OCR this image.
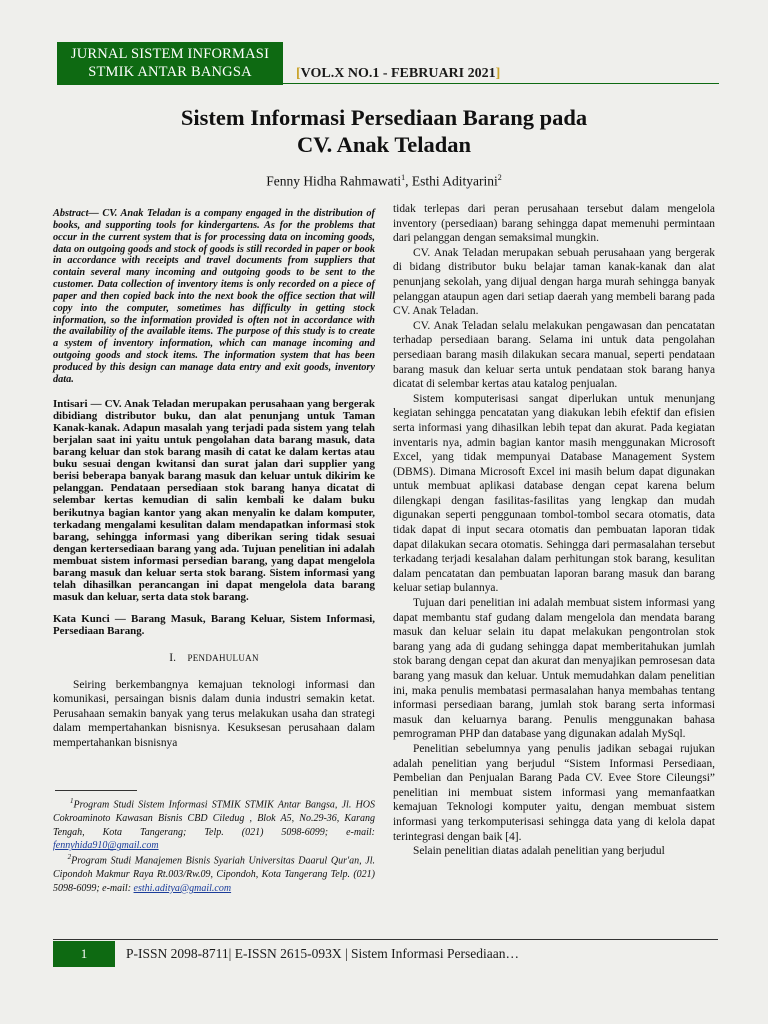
JURNAL SISTEM INFORMASI
STMIK ANTAR BANGSA	[VOL.X NO.1 - FEBRUARI 2021]
Sistem Informasi Persediaan Barang pada
CV. Anak Teladan
Fenny Hidha Rahmawati$^1$, Esthi Adityarini$^2$

Abstract— CV. Anak Teladan is a company engaged in the distribution of books, and supporting tools for kindergartens. As for the problems that occur in the current system that is for processing data on incoming goods, data on outgoing goods and stock of goods is still recorded in paper or book in accordance with receipts and travel documents from suppliers that contain several many incoming and outgoing goods to be sent to the customer. Data collection of inventory items is only recorded on a piece of paper and then copied back into the next book the office section that will copy into the computer, sometimes has difficulty in getting stock information, so the information provided is often not in accordance with the availability of the available items. The purpose of this study is to create a system of inventory information, which can manage incoming and outgoing goods and stock items. The information system that has been produced by this design can manage data entry and exit goods, inventory data.

Intisari — CV. Anak Teladan merupakan perusahaan yang bergerak dibidiang distributor buku, dan alat penunjang untuk Taman Kanak-kanak. Adapun masalah yang terjadi pada sistem yang telah berjalan saat ini yaitu untuk pengolahan data barang masuk, data barang keluar dan stok barang masih di catat ke dalam kertas atau buku sesuai dengan kwitansi dan surat jalan dari supplier yang berisi beberapa banyak barang masuk dan keluar untuk dikirim ke pelanggan. Pendataan persediaan stok barang hanya dicatat di selembar kertas kemudian di salin kembali ke dalam buku berikutnya bagian kantor yang akan menyalin ke dalam komputer, terkadang mengalami kesulitan dalam mendapatkan informasi stok barang, sehingga informasi yang diberikan sering tidak sesuai dengan kertersediaan barang yang ada. Tujuan penelitian ini adalah membuat sistem informasi persedian barang, yang dapat mengelola barang masuk dan keluar serta stok barang. Sistem informasi yang telah dihasilkan perancangan ini dapat mengelola data barang masuk dan keluar, serta data stok barang.

Kata Kunci — Barang Masuk, Barang Keluar, Sistem Informasi, Persediaan Barang.

I. PENDAHULUAN

Seiring berkembangnya kemajuan teknologi informasi dan komunikasi, persaingan bisnis dalam dunia industri semakin ketat. Perusahaan semakin banyak yang terus melakukan usaha dan strategi dalam mempertahankan bisnisnya. Kesuksesan perusahaan dalam mempertahankan bisnisnya

$^1$Program Studi Sistem Informasi STMIK STMIK Antar Bangsa, Jl. HOS Cokroaminoto Kawasan Bisnis CBD Ciledug , Blok A5, No.29-36, Karang Tengah, Kota Tangerang; Telp. (021) 5098-6099; e-mail: fennyhida910@gmail.com
$^2$Program Studi Manajemen Bisnis Syariah Universitas Daarul Qur'an, Jl. Cipondoh Makmur Raya Rt.003/Rw.09, Cipondoh, Kota Tangerang Telp. (021) 5098-6099; e-mail: esthi.aditya@gmail.com

tidak terlepas dari peran perusahaan tersebut dalam mengelola inventory (persediaan) barang sehingga dapat memenuhi permintaan dari pelanggan dengan semaksimal mungkin.

CV. Anak Teladan merupakan sebuah perusahaan yang bergerak di bidang distributor buku belajar taman kanak-kanak dan alat penunjang sekolah, yang dijual dengan harga murah sehingga banyak pelanggan ataupun agen dari setiap daerah yang membeli barang pada CV. Anak Teladan.

CV. Anak Teladan selalu melakukan pengawasan dan pencatatan terhadap persediaan barang. Selama ini untuk data pengolahan persediaan barang masih dilakukan secara manual, seperti pendataan barang masuk dan keluar serta untuk pendataan stok barang hanya dicatat di selembar kertas atau katalog penjualan.

Sistem komputerisasi sangat diperlukan untuk menunjang kegiatan sehingga pencatatan yang diakukan lebih efektif dan efisien serta informasi yang dihasilkan lebih tepat dan akurat. Pada kegiatan inventaris nya, admin bagian kantor masih menggunakan Microsoft Excel, yang tidak mempunyai Database Management System (DBMS). Dimana Microsoft Excel ini masih belum dapat digunakan untuk membuat aplikasi database dengan cepat karena belum dilengkapi dengan fasilitas-fasilitas yang lengkap dan mudah digunakan seperti penggunaan tombol-tombol secara otomatis, data tidak dapat di input secara otomatis dan pembuatan laporan tidak dapat dilakukan secara otomatis. Sehingga dari permasalahan tersebut terkadang terjadi kesalahan dalam perhitungan stok barang, kesulitan dalam pencatatan dan pembuatan laporan barang masuk dan barang keluar setiap bulannya.

Tujuan dari penelitian ini adalah membuat sistem informasi yang dapat membantu staf gudang dalam mengelola dan mendata barang masuk dan keluar selain itu dapat melakukan pengontrolan stok barang yang ada di gudang sehingga dapat memberitahukan jumlah stok barang dengan cepat dan akurat dan menyajikan pemrosesan data barang yang masuk dan keluar. Untuk memudahkan dalam penelitian ini, maka penulis membatasi permasalahan hanya membahas tentang informasi persediaan barang, jumlah stok barang serta informasi masuk dan keluarnya barang. Penulis menggunakan bahasa pemrograman PHP dan database yang digunakan adalah MySql.

Penelitian sebelumnya yang penulis jadikan sebagai rujukan adalah penelitian yang berjudul “Sistem Informasi Persediaan, Pembelian dan Penjualan Barang Pada CV. Evee Store Cileungsi” penelitian ini membuat sistem informasi yang memanfaatkan kemajuan Teknologi komputer yaitu, dengan membuat sistem informasi yang terkomputerisasi sehingga data yang di kelola dapat terintegrasi dengan baik [4].

Selain penelitian diatas adalah penelitian yang berjudul

1	P-ISSN 2098-8711| E-ISSN 2615-093X | Sistem Informasi Persediaan…
